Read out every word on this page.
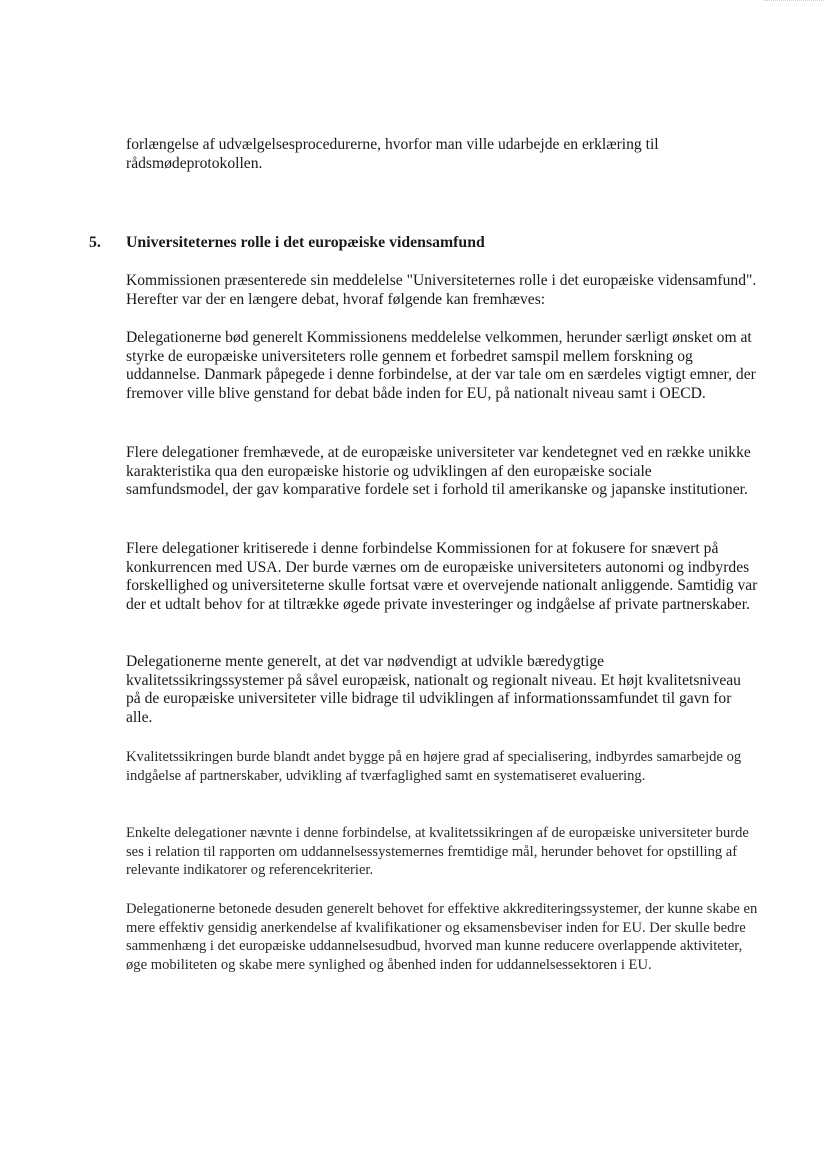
forlængelse af udvælgelsesprocedurerne, hvorfor man ville udarbejde en erklæring til rådsmødeprotokollen.

5. Universiteternes rolle i det europæiske vidensamfund

Kommissionen præsenterede sin meddelelse "Universiteternes rolle i det europæiske vidensamfund". Herefter var der en længere debat, hvoraf følgende kan fremhæves:

Delegationerne bød generelt Kommissionens meddelelse velkommen, herunder særligt ønsket om at styrke de europæiske universiteters rolle gennem et forbedret samspil mellem forskning og uddannelse. Danmark påpegede i denne forbindelse, at der var tale om en særdeles vigtigt emner, der fremover ville blive genstand for debat både inden for EU, på nationalt niveau samt i OECD.

Flere delegationer fremhævede, at de europæiske universiteter var kendetegnet ved en række unikke karakteristika qua den europæiske historie og udviklingen af den europæiske sociale samfundsmodel, der gav komparative fordele set i forhold til amerikanske og japanske institutioner.

Flere delegationer kritiserede i denne forbindelse Kommissionen for at fokusere for snævert på konkurrencen med USA. Der burde værnes om de europæiske universiteters autonomi og indbyrdes forskellighed og universiteterne skulle fortsat være et overvejende nationalt anliggende. Samtidig var der et udtalt behov for at tiltrække øgede private investeringer og indgåelse af private partnerskaber.

Delegationerne mente generelt, at det var nødvendigt at udvikle bæredygtige kvalitetssikringssystemer på såvel europæisk, nationalt og regionalt niveau. Et højt kvalitetsniveau på de europæiske universiteter ville bidrage til udviklingen af informationssamfundet til gavn for alle.

Kvalitetssikringen burde blandt andet bygge på en højere grad af specialisering, indbyrdes samarbejde og indgåelse af partnerskaber, udvikling af tværfaglighed samt en systematiseret evaluering.

Enkelte delegationer nævnte i denne forbindelse, at kvalitetssikringen af de europæiske universiteter burde ses i relation til rapporten om uddannelsessystemernes fremtidige mål, herunder behovet for opstilling af relevante indikatorer og referencekriterier.

Delegationerne betonede desuden generelt behovet for effektive akkrediteringssystemer, der kunne skabe en mere effektiv gensidig anerkendelse af kvalifikationer og eksamensbeviser inden for EU. Der skulle bedre sammenhæng i det europæiske uddannelsesudbud, hvorved man kunne reducere overlappende aktiviteter, øge mobiliteten og skabe mere synlighed og åbenhed inden for uddannelsessektoren i EU.
